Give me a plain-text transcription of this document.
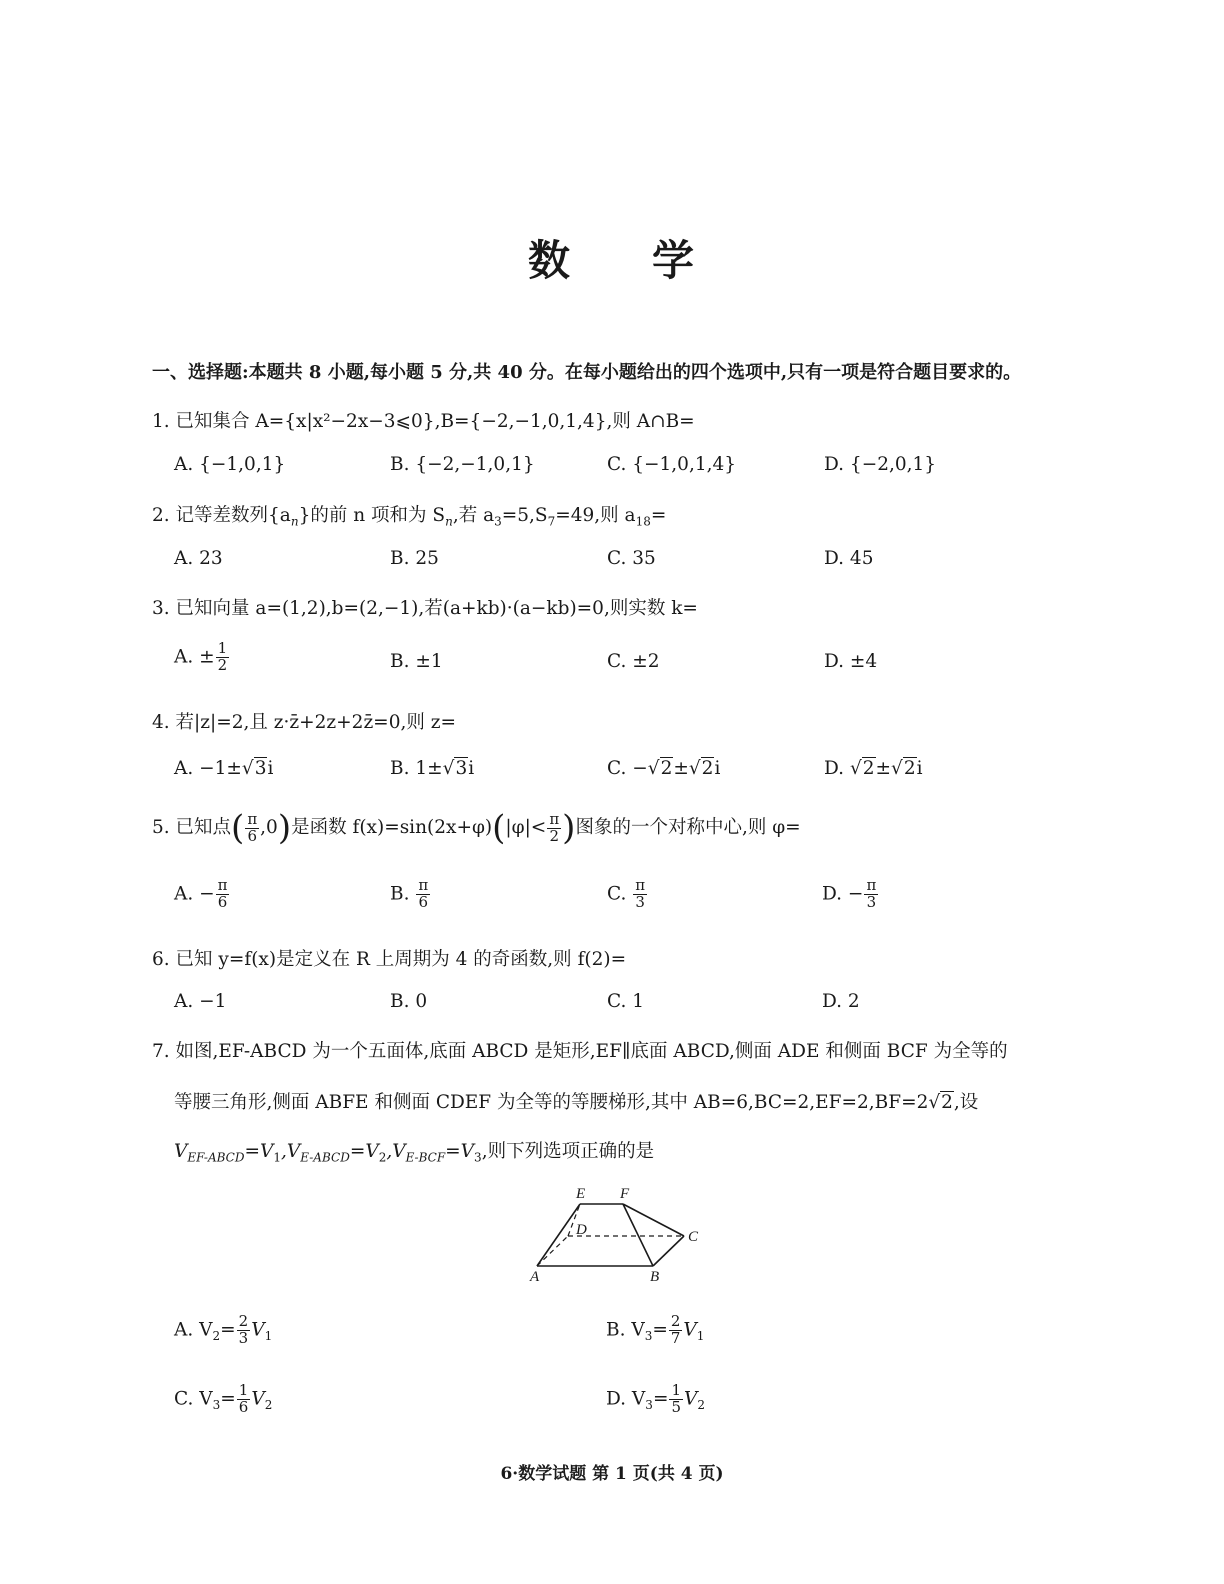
数 学
一、选择题:本题共 8 小题,每小题 5 分,共 40 分。在每小题给出的四个选项中,只有一项是符合题目要求的。
1. 已知集合 A={x|x²−2x−3⩽0},B={−2,−1,0,1,4},则 A∩B=
A. {−1,0,1}	B. {−2,−1,0,1}	C. {−1,0,1,4}	D. {−2,0,1}
2. 记等差数列$\{a_n\}$的前 n 项和为 $S_n$,若 $a_3=5,S_7=49$,则 $a_{18}=$
A. 23	B. 25	C. 35	D. 45
3. 已知向量 a=(1,2),b=(2,−1),若(a+kb)·(a−kb)=0,则实数 k=
A. ± $\frac{1}{2}$	B. ±1	C. ±2	D. ±4
4. 若|z|=2,且 z·z̄+2z+2z̄=0,则 z=
A. −1±√3i	B. 1±√3i	C. −√2±√2i	D. √2±√2i
5. 已知点( $\frac{\pi}{6} ,0$)是函数 $f(x)=\sin(2x+\varphi)(|\varphi|< \frac{\pi}{2}$ )图象的一个对称中心,则 φ=
A. − $\frac{\pi}{6}$	B. $\frac{\pi}{6}$	C. $\frac{\pi}{3}$	D. − $\frac{\pi}{3}$
6. 已知 y=f(x)是定义在 R 上周期为 4 的奇函数,则 f(2)=
A. −1	B. 0	C. 1	D. 2
7. 如图,EF-ABCD 为一个五面体,底面 ABCD 是矩形,EF∥底面 ABCD,侧面 ADE 和侧面 BCF 为全等的
等腰三角形,侧面 ABFE 和侧面 CDEF 为全等的等腰梯形,其中 AB=6,BC=2,EF=2,BF=2√2,设
$V_{EF-ABCD}=V_1,V_{E-ABCD}=V_2,V_{E-BCF}=V_3$,则下列选项正确的是
E F
D	C
A	B
A. $V_2= \frac{2}{3} V_1$	B. $V_3= \frac{2}{7} V_1$
C. $V_3= \frac{1}{6} V_2$	D. $V_3= \frac{1}{5} V_2$
6·数学试题 第 1 页(共 4 页)
